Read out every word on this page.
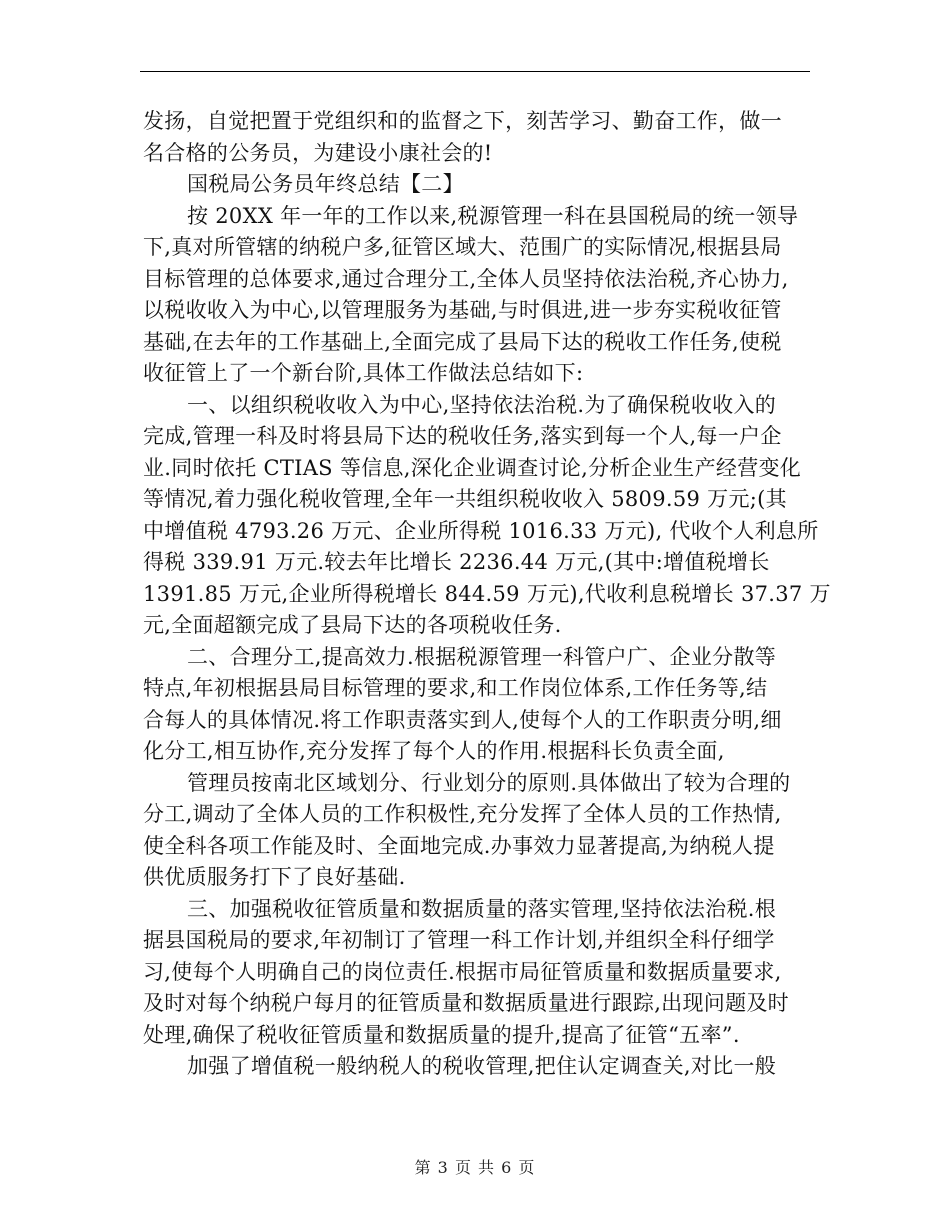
发扬，自觉把置于党组织和的监督之下，刻苦学习、勤奋工作，做一
名合格的公务员，为建设小康社会的!
国税局公务员年终总结【二】
按 20XX 年一年的工作以来,税源管理一科在县国税局的统一领导
下,真对所管辖的纳税户多,征管区域大、范围广的实际情况,根据县局
目标管理的总体要求,通过合理分工,全体人员坚持依法治税,齐心协力,
以税收收入为中心,以管理服务为基础,与时俱进,进一步夯实税收征管
基础,在去年的工作基础上,全面完成了县局下达的税收工作任务,使税
收征管上了一个新台阶,具体工作做法总结如下:
一、以组织税收收入为中心,坚持依法治税.为了确保税收收入的
完成,管理一科及时将县局下达的税收任务,落实到每一个人,每一户企
业.同时依托 CTIAS 等信息,深化企业调查讨论,分析企业生产经营变化
等情况,着力强化税收管理,全年一共组织税收收入 5809.59 万元;(其
中增值税 4793.26 万元、企业所得税 1016.33 万元), 代收个人利息所
得税 339.91 万元.较去年比增长 2236.44 万元,(其中:增值税增长
1391.85 万元,企业所得税增长 844.59 万元),代收利息税增长 37.37 万
元,全面超额完成了县局下达的各项税收任务.
二、合理分工,提高效力.根据税源管理一科管户广、企业分散等
特点,年初根据县局目标管理的要求,和工作岗位体系,工作任务等,结
合每人的具体情况.将工作职责落实到人,使每个人的工作职责分明,细
化分工,相互协作,充分发挥了每个人的作用.根据科长负责全面,
管理员按南北区域划分、行业划分的原则.具体做出了较为合理的
分工,调动了全体人员的工作积极性,充分发挥了全体人员的工作热情,
使全科各项工作能及时、全面地完成.办事效力显著提高,为纳税人提
供优质服务打下了良好基础.
三、加强税收征管质量和数据质量的落实管理,坚持依法治税.根
据县国税局的要求,年初制订了管理一科工作计划,并组织全科仔细学
习,使每个人明确自己的岗位责任.根据市局征管质量和数据质量要求,
及时对每个纳税户每月的征管质量和数据质量进行跟踪,出现问题及时
处理,确保了税收征管质量和数据质量的提升,提高了征管“五率”.
加强了增值税一般纳税人的税收管理,把住认定调查关,对比一般
第 3 页 共 6 页
